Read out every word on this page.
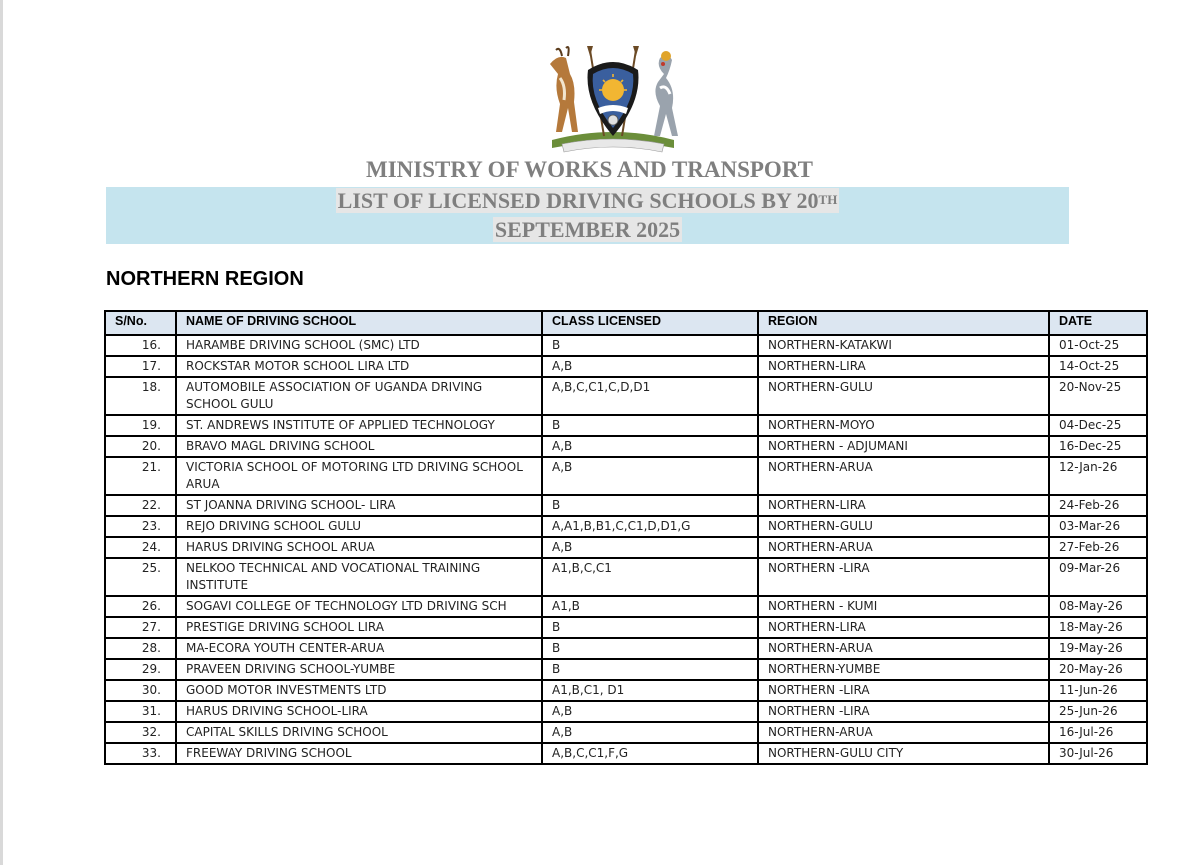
MINISTRY OF WORKS AND TRANSPORT
LIST OF LICENSED DRIVING SCHOOLS BY 20TH
SEPTEMBER 2025
NORTHERN REGION
S/No.	NAME OF DRIVING SCHOOL	CLASS LICENSED	REGION	DATE
16.	HARAMBE DRIVING SCHOOL (SMC) LTD	B	NORTHERN-KATAKWI	01-Oct-25
17.	ROCKSTAR MOTOR SCHOOL LIRA LTD	A,B	NORTHERN-LIRA	14-Oct-25
18.	AUTOMOBILE ASSOCIATION OF UGANDA DRIVING SCHOOL GULU	A,B,C,C1,C,D,D1	NORTHERN-GULU	20-Nov-25
19.	ST. ANDREWS INSTITUTE OF APPLIED TECHNOLOGY	B	NORTHERN-MOYO	04-Dec-25
20.	BRAVO MAGL DRIVING SCHOOL	A,B	NORTHERN - ADJUMANI	16-Dec-25
21.	VICTORIA SCHOOL OF MOTORING LTD DRIVING SCHOOL ARUA	A,B	NORTHERN-ARUA	12-Jan-26
22.	ST JOANNA DRIVING SCHOOL- LIRA	B	NORTHERN-LIRA	24-Feb-26
23.	REJO DRIVING SCHOOL GULU	A,A1,B,B1,C,C1,D,D1,G	NORTHERN-GULU	03-Mar-26
24.	HARUS DRIVING SCHOOL ARUA	A,B	NORTHERN-ARUA	27-Feb-26
25.	NELKOO TECHNICAL AND VOCATIONAL TRAINING INSTITUTE	A1,B,C,C1	NORTHERN -LIRA	09-Mar-26
26.	SOGAVI COLLEGE OF TECHNOLOGY LTD DRIVING SCH	A1,B	NORTHERN - KUMI	08-May-26
27.	PRESTIGE DRIVING SCHOOL LIRA	B	NORTHERN-LIRA	18-May-26
28.	MA-ECORA YOUTH CENTER-ARUA	B	NORTHERN-ARUA	19-May-26
29.	PRAVEEN DRIVING SCHOOL-YUMBE	B	NORTHERN-YUMBE	20-May-26
30.	GOOD MOTOR INVESTMENTS LTD	A1,B,C1, D1	NORTHERN -LIRA	11-Jun-26
31.	HARUS DRIVING SCHOOL-LIRA	A,B	NORTHERN -LIRA	25-Jun-26
32.	CAPITAL SKILLS DRIVING SCHOOL	A,B	NORTHERN-ARUA	16-Jul-26
33.	FREEWAY DRIVING SCHOOL	A,B,C,C1,F,G	NORTHERN-GULU CITY	30-Jul-26
